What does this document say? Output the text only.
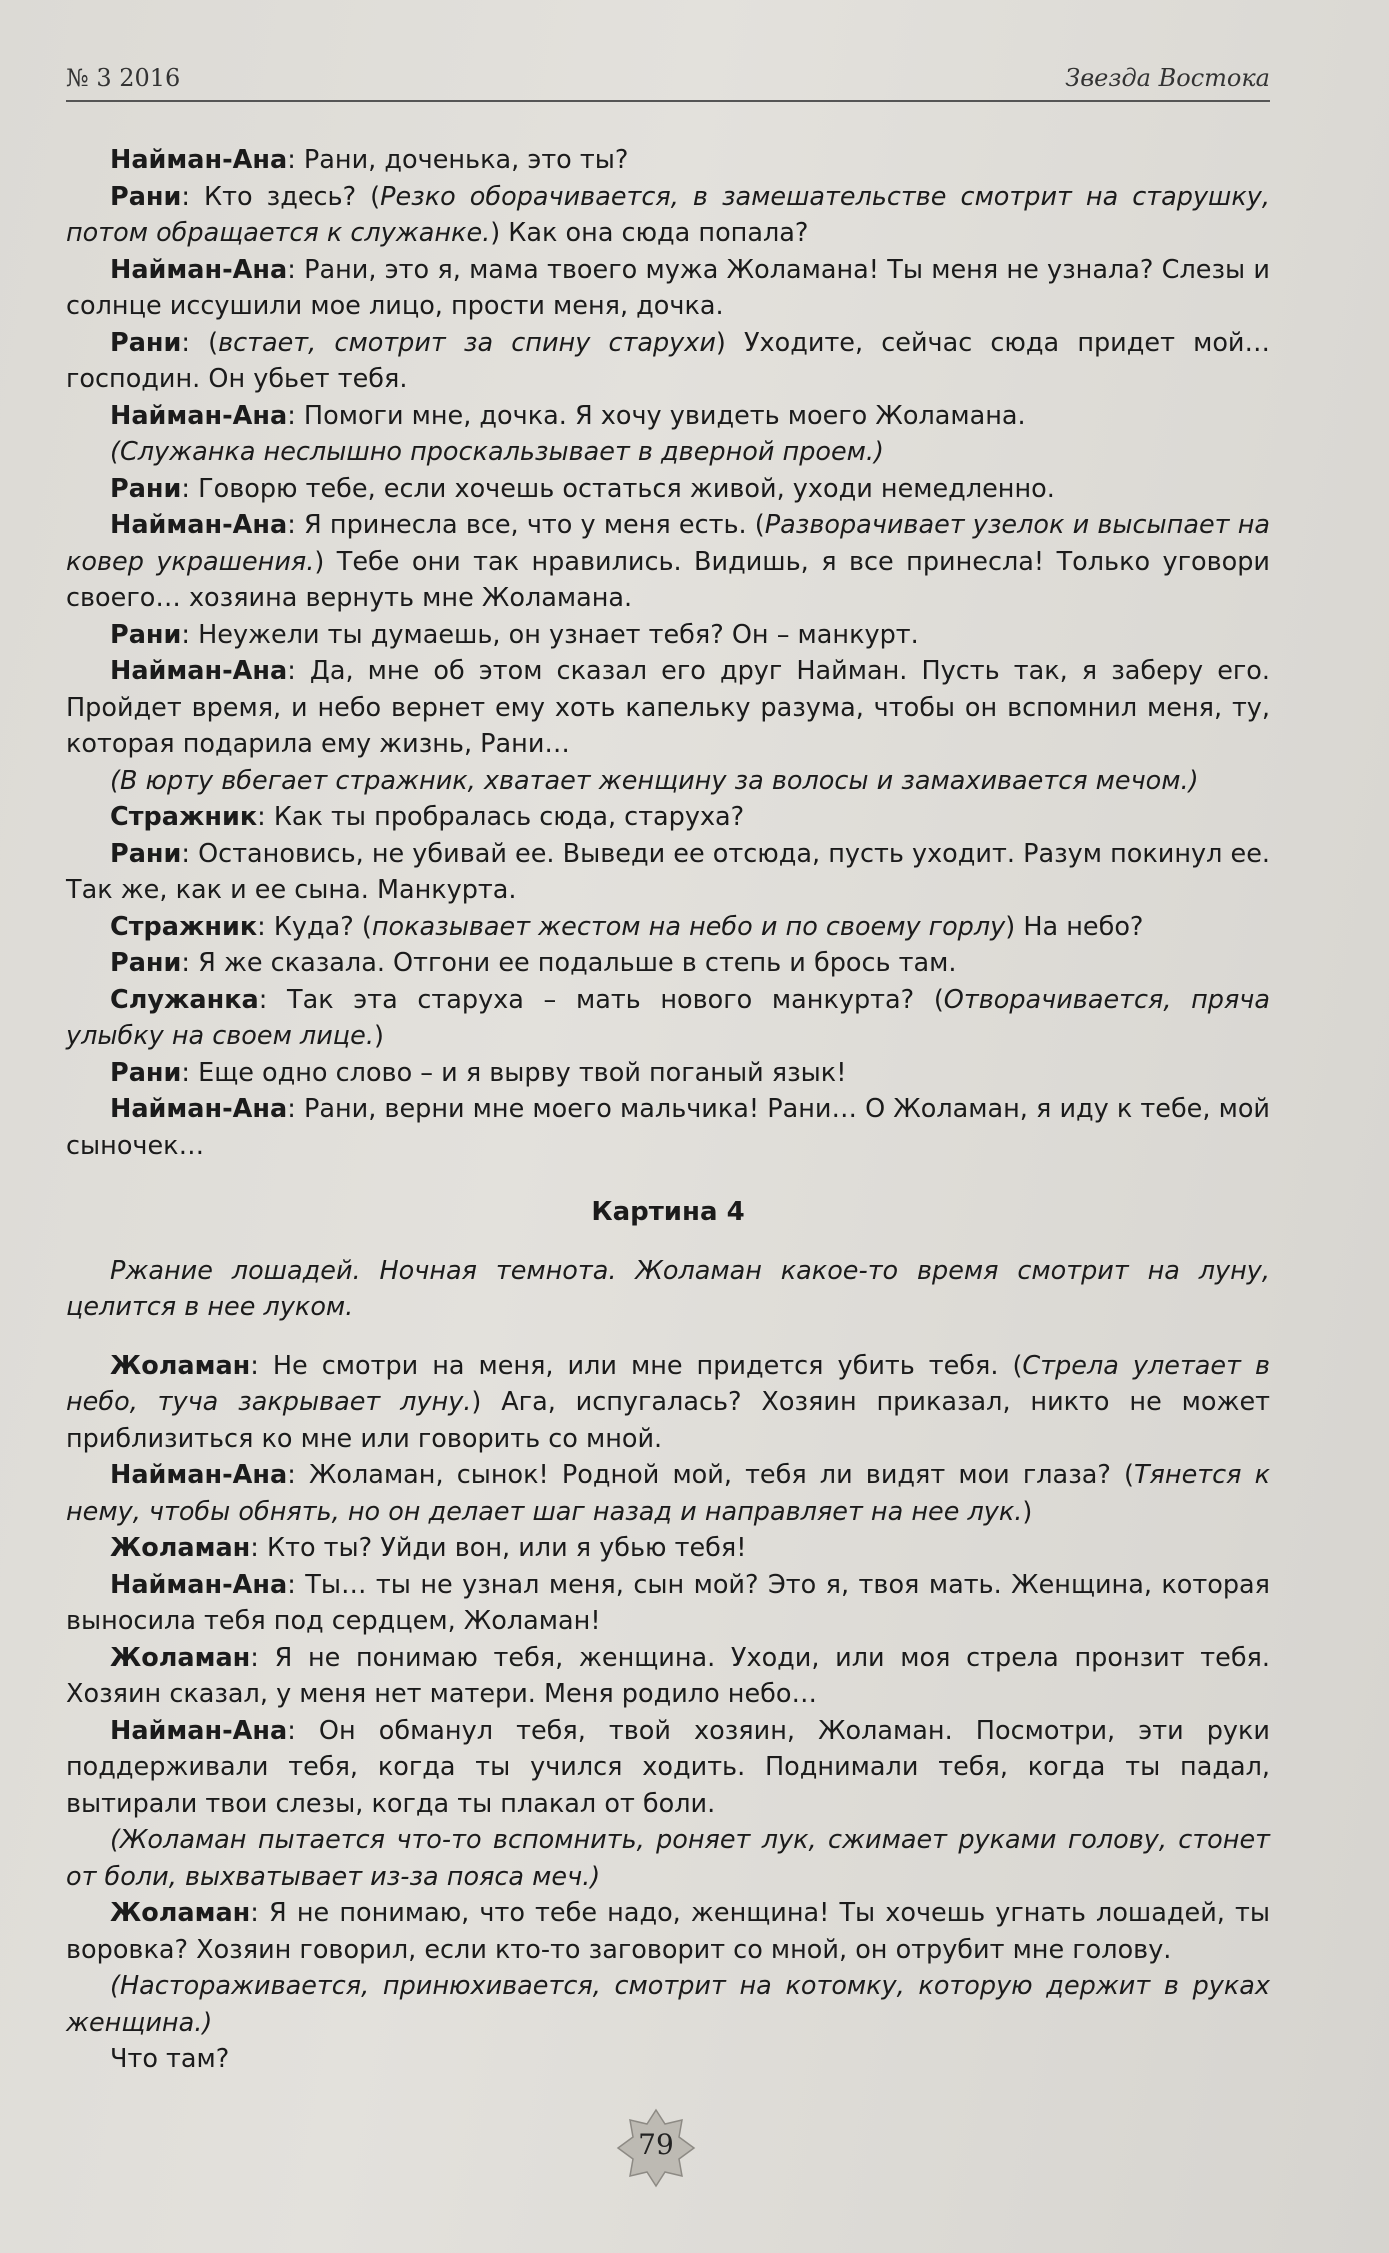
№ 3 2016	Звезда Востока

Найман-Ана: Рани, доченька, это ты?

Рани: Кто здесь? (Резко оборачивается, в замешательстве смотрит на старушку, потом обращается к служанке.) Как она сюда попала?

Найман-Ана: Рани, это я, мама твоего мужа Жоламана! Ты меня не узнала? Слезы и солнце иссушили мое лицо, прости меня, дочка.

Рани: (встает, смотрит за спину старухи) Уходите, сейчас сюда придет мой… господин. Он убьет тебя.

Найман-Ана: Помоги мне, дочка. Я хочу увидеть моего Жоламана.

(Служанка неслышно проскальзывает в дверной проем.)

Рани: Говорю тебе, если хочешь остаться живой, уходи немедленно.

Найман-Ана: Я принесла все, что у меня есть. (Разворачивает узелок и высыпает на ковер украшения.) Тебе они так нравились. Видишь, я все принесла! Только уговори своего… хозяина вернуть мне Жоламана.

Рани: Неужели ты думаешь, он узнает тебя? Он – манкурт.

Найман-Ана: Да, мне об этом сказал его друг Найман. Пусть так, я заберу его. Пройдет время, и небо вернет ему хоть капельку разума, чтобы он вспомнил меня, ту, которая подарила ему жизнь, Рани…

(В юрту вбегает стражник, хватает женщину за волосы и замахивается мечом.)

Стражник: Как ты пробралась сюда, старуха?

Рани: Остановись, не убивай ее. Выведи ее отсюда, пусть уходит. Разум покинул ее. Так же, как и ее сына. Манкурта.

Стражник: Куда? (показывает жестом на небо и по своему горлу) На небо?

Рани: Я же сказала. Отгони ее подальше в степь и брось там.

Служанка: Так эта старуха – мать нового манкурта? (Отворачивается, пряча улыбку на своем лице.)

Рани: Еще одно слово – и я вырву твой поганый язык!

Найман-Ана: Рани, верни мне моего мальчика! Рани… О Жоламан, я иду к тебе, мой сыночек…

Картина 4

Ржание лошадей. Ночная темнота. Жоламан какое-то время смотрит на луну, целится в нее луком.

Жоламан: Не смотри на меня, или мне придется убить тебя. (Стрела улетает в небо, туча закрывает луну.) Ага, испугалась? Хозяин приказал, никто не может приблизиться ко мне или говорить со мной.

Найман-Ана: Жоламан, сынок! Родной мой, тебя ли видят мои глаза? (Тянется к нему, чтобы обнять, но он делает шаг назад и направляет на нее лук.)

Жоламан: Кто ты? Уйди вон, или я убью тебя!

Найман-Ана: Ты… ты не узнал меня, сын мой? Это я, твоя мать. Женщина, которая выносила тебя под сердцем, Жоламан!

Жоламан: Я не понимаю тебя, женщина. Уходи, или моя стрела пронзит тебя. Хозяин сказал, у меня нет матери. Меня родило небо…

Найман-Ана: Он обманул тебя, твой хозяин, Жоламан. Посмотри, эти руки поддерживали тебя, когда ты учился ходить. Поднимали тебя, когда ты падал, вытирали твои слезы, когда ты плакал от боли.

(Жоламан пытается что-то вспомнить, роняет лук, сжимает руками голову, стонет от боли, выхватывает из-за пояса меч.)

Жоламан: Я не понимаю, что тебе надо, женщина! Ты хочешь угнать лошадей, ты воровка? Хозяин говорил, если кто-то заговорит со мной, он отрубит мне голову.

(Настораживается, принюхивается, смотрит на котомку, которую держит в руках женщина.)

Что там?

79
